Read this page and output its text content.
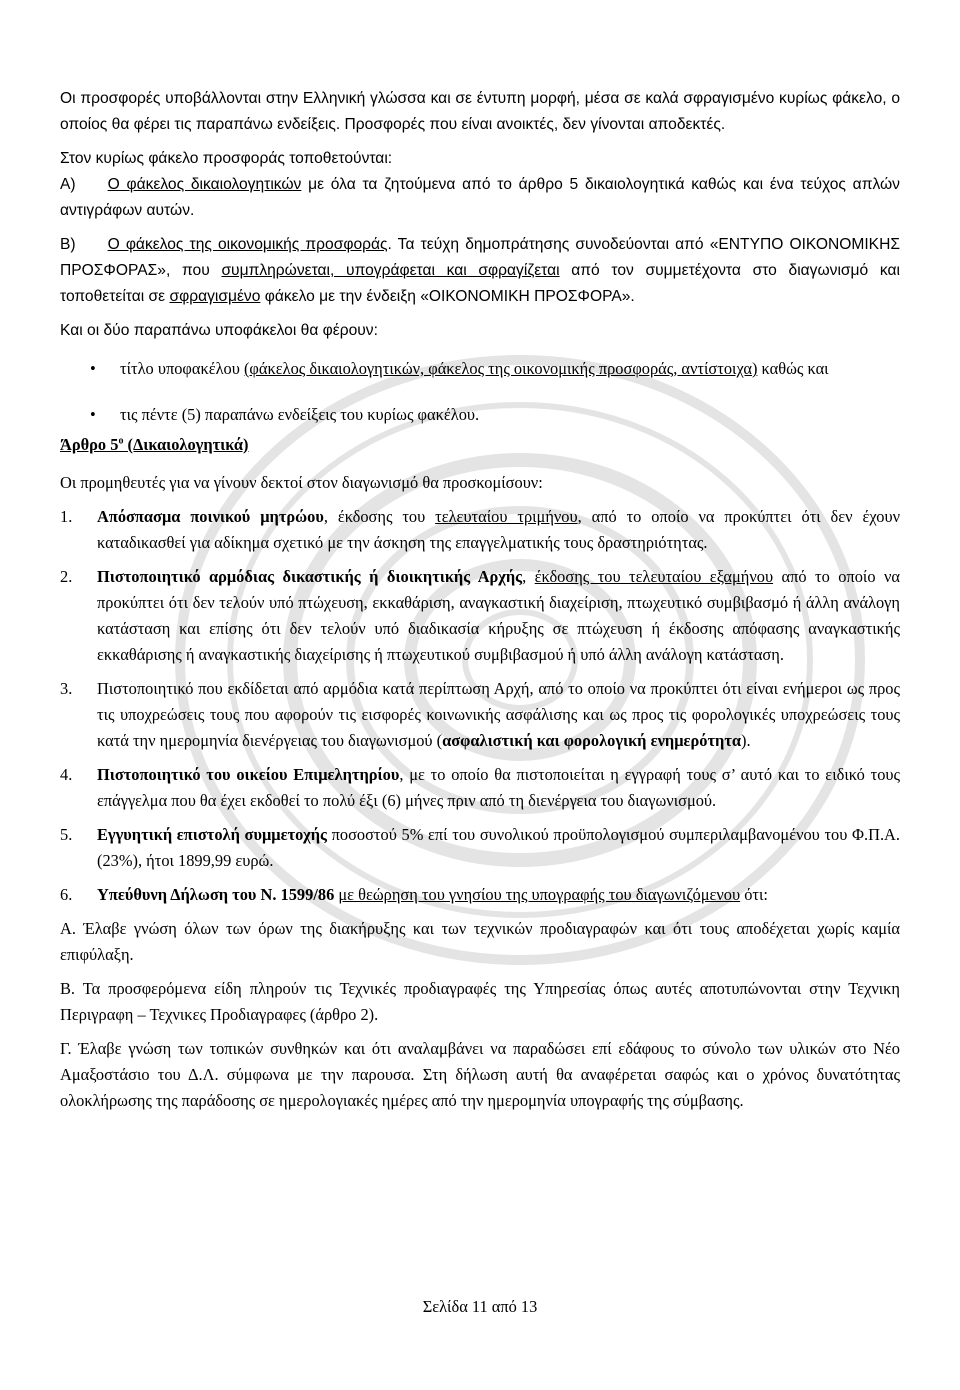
Οι προσφορές υποβάλλονται στην Ελληνική γλώσσα και σε έντυπη μορφή, μέσα σε καλά σφραγισμένο κυρίως φάκελο, ο οποίος θα φέρει τις παραπάνω ενδείξεις. Προσφορές που είναι ανοικτές, δεν γίνονται αποδεκτές.

Στον κυρίως φάκελο προσφοράς τοποθετούνται:

Α) Ο φάκελος δικαιολογητικών με όλα τα ζητούμενα από το άρθρο 5 δικαιολογητικά καθώς και ένα τεύχος απλών αντιγράφων αυτών.

Β) Ο φάκελος της οικονομικής προσφοράς. Τα τεύχη δημοπράτησης συνοδεύονται από «ΕΝΤΥΠΟ ΟΙΚΟΝΟΜΙΚΗΣ ΠΡΟΣΦΟΡΑΣ», που συμπληρώνεται, υπογράφεται και σφραγίζεται από τον συμμετέχοντα στο διαγωνισμό και τοποθετείται σε σφραγισμένο φάκελο με την ένδειξη «ΟΙΚΟΝΟΜΙΚΗ ΠΡΟΣΦΟΡΑ».

Και οι δύο παραπάνω υποφάκελοι θα φέρουν:

• τίτλο υποφακέλου (φάκελος δικαιολογητικών, φάκελος της οικονομικής προσφοράς, αντίστοιχα) καθώς και
• τις πέντε (5) παραπάνω ενδείξεις του κυρίως φακέλου.

Άρθρο $5^o$ (Δικαιολογητικά)

Οι προμηθευτές για να γίνουν δεκτοί στον διαγωνισμό θα προσκομίσουν:

1.	Απόσπασμα ποινικού μητρώου, έκδοσης του τελευταίου τριμήνου, από το οποίο να προκύπτει ότι δεν έχουν καταδικασθεί για αδίκημα σχετικό με την άσκηση της επαγγελματικής τους δραστηριότητας.
2.	Πιστοποιητικό αρμόδιας δικαστικής ή διοικητικής Αρχής, έκδοσης του τελευταίου εξαμήνου από το οποίο να προκύπτει ότι δεν τελούν υπό πτώχευση, εκκαθάριση, αναγκαστική διαχείριση, πτωχευτικό συμβιβασμό ή άλλη ανάλογη κατάσταση και επίσης ότι δεν τελούν υπό διαδικασία κήρυξης σε πτώχευση ή έκδοσης απόφασης αναγκαστικής εκκαθάρισης ή αναγκαστικής διαχείρισης ή πτωχευτικού συμβιβασμού ή υπό άλλη ανάλογη κατάσταση.
3.	Πιστοποιητικό που εκδίδεται από αρμόδια κατά περίπτωση Αρχή, από το οποίο να προκύπτει ότι είναι ενήμεροι ως προς τις υποχρεώσεις τους που αφορούν τις εισφορές κοινωνικής ασφάλισης και ως προς τις φορολογικές υποχρεώσεις τους κατά την ημερομηνία διενέργειας του διαγωνισμού (ασφαλιστική και φορολογική ενημερότητα).
4.	Πιστοποιητικό του οικείου Επιμελητηρίου, με το οποίο θα πιστοποιείται η εγγραφή τους σ’ αυτό και το ειδικό τους επάγγελμα που θα έχει εκδοθεί το πολύ έξι (6) μήνες πριν από τη διενέργεια του διαγωνισμού.
5.	Εγγυητική επιστολή συμμετοχής ποσοστού 5% επί του συνολικού προϋπολογισμού συμπεριλαμβανομένου του Φ.Π.Α. (23%), ήτοι 1899,99 ευρώ.
6.	Υπεύθυνη Δήλωση του Ν. 1599/86 με θεώρηση του γνησίου της υπογραφής του διαγωνιζόμενου ότι:

Α. Έλαβε γνώση όλων των όρων της διακήρυξης και των τεχνικών προδιαγραφών και ότι τους αποδέχεται χωρίς καμία επιφύλαξη.

Β. Τα προσφερόμενα είδη πληρούν τις Τεχνικές προδιαγραφές της Υπηρεσίας όπως αυτές αποτυπώνονται στην Τεχνικη Περιγραφη – Τεχνικες Προδιαγραφες (άρθρο 2).

Γ. Έλαβε γνώση των τοπικών συνθηκών και ότι αναλαμβάνει να παραδώσει επί εδάφους το σύνολο των υλικών στο Νέο Αμαξοστάσιο του Δ.Λ. σύμφωνα με την παρουσα. Στη δήλωση αυτή θα αναφέρεται σαφώς και ο χρόνος δυνατότητας ολοκλήρωσης της παράδοσης σε ημερολογιακές ημέρες από την ημερομηνία υπογραφής της σύμβασης.

Σελίδα 11 από 13
